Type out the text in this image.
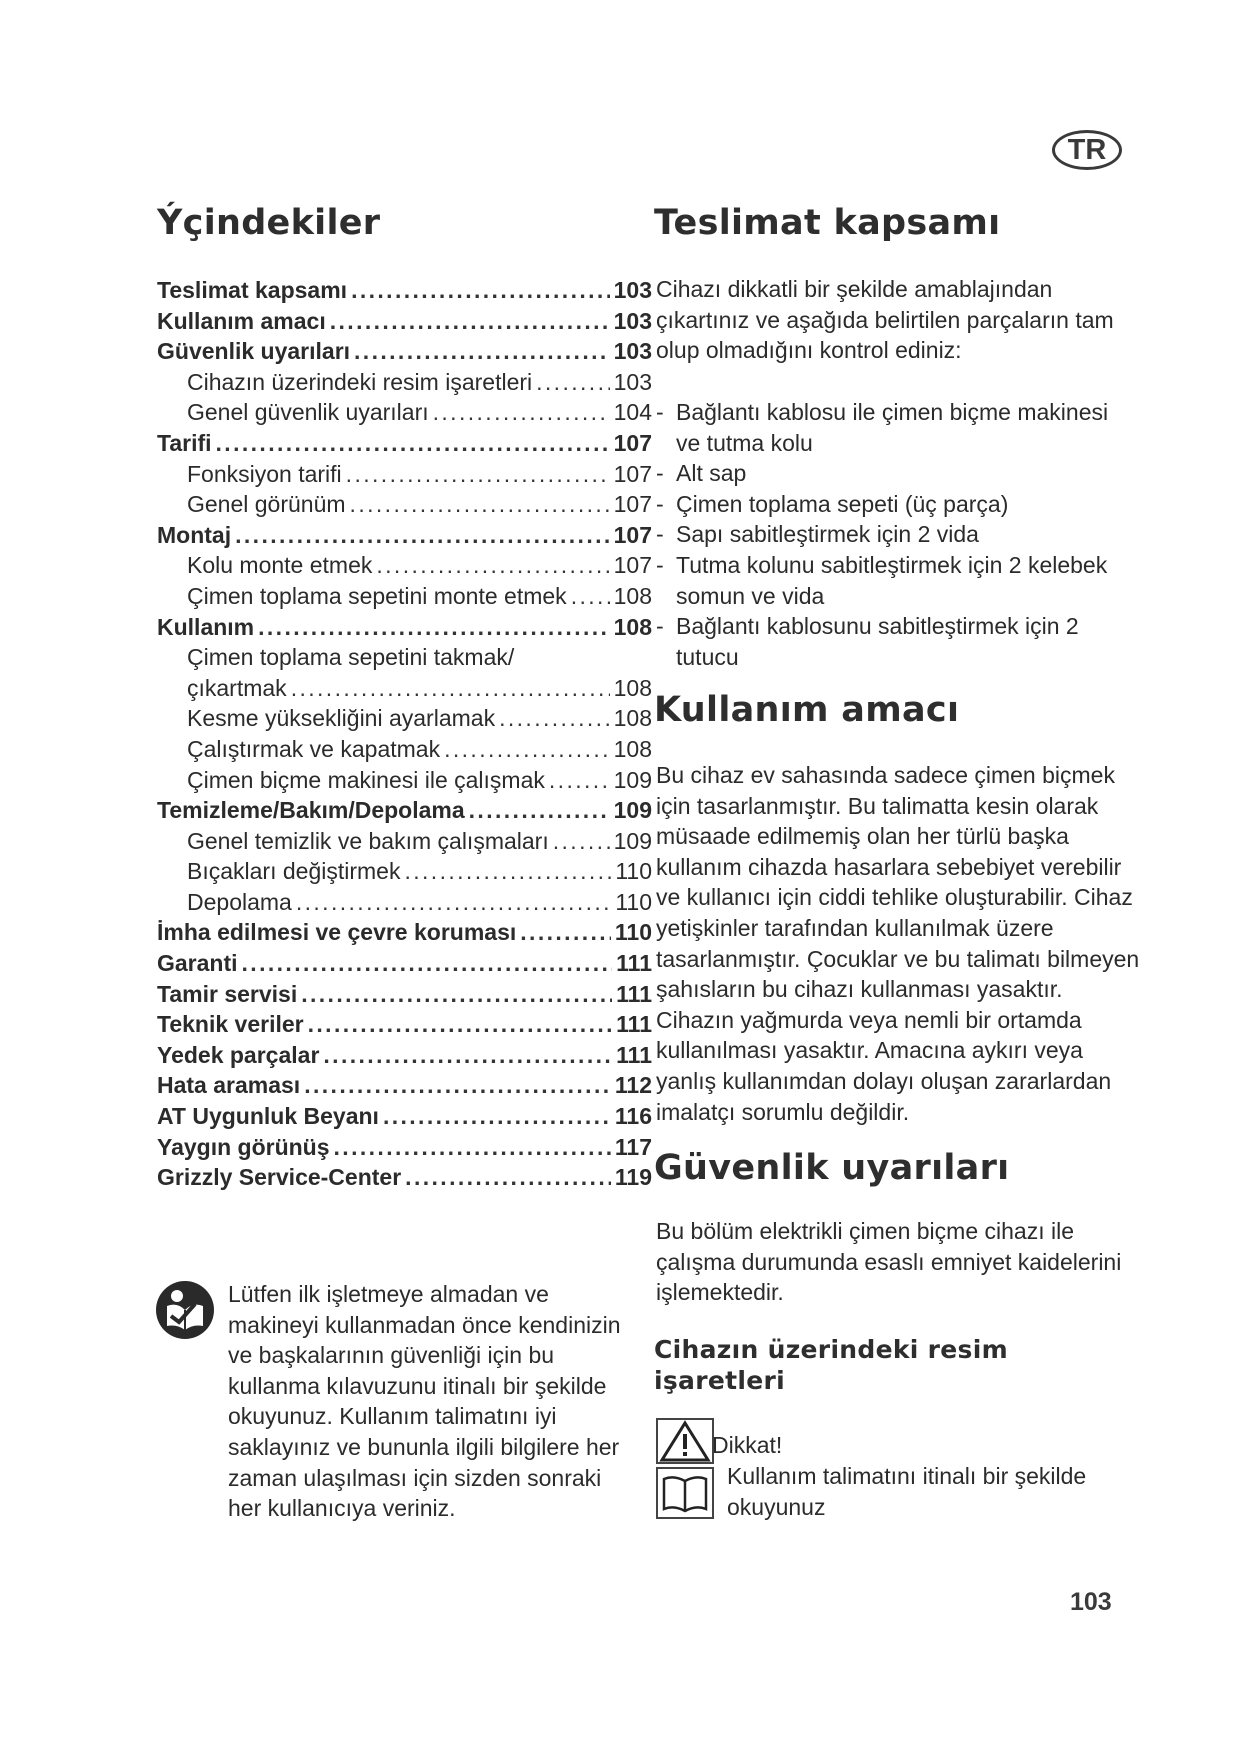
TR
Ýçindekiler
Teslimat kapsamı . . .	103
Kullanım amacı . . .	103
Güvenlik uyarıları . . .	103
Cihazın üzerindeki resim işaretleri . . .	103
Genel güvenlik uyarıları . . .	104
Tarifi . . .	107
Fonksiyon tarifi . . .	107
Genel görünüm . . .	107
Montaj . . .	107
Kolu monte etmek . . .	107
Çimen toplama sepetini monte etmek . . . 108
Kullanım . . .	108
Çimen toplama sepetini takmak/
çıkartmak . . .	108
Kesme yüksekliğini ayarlamak . . .	108
Çalıştırmak ve kapatmak . . .	108
Çimen biçme makinesi ile çalışmak . . .	109
Temizleme/Bakım/Depolama . . .	109
Genel temizlik ve bakım çalışmaları . . .	109
Bıçakları değiştirmek . . .	110
Depolama . . .	110
İmha edilmesi ve çevre koruması . . .	110
Garanti . . .	111
Tamir servisi . . .	111
Teknik veriler . . .	111
Yedek parçalar . . .	111
Hata araması . . .	112
AT Uygunluk Beyanı . . .	116
Yaygın görünüş . . .	117
Grizzly Service-Center . . .	119

Lütfen ilk işletmeye almadan ve makineyi kullanmadan önce kendinizin ve başkalarının güvenliği için bu kullanma kılavuzunu itinalı bir şekilde okuyunuz. Kullanım talimatını iyi saklayınız ve bununla ilgili bilgilere her zaman ulaşılması için sizden sonraki her kullanıcıya veriniz.

Teslimat kapsamı

Cihazı dikkatli bir şekilde amablajından çıkartınız ve aşağıda belirtilen parçaların tam olup olmadığını kontrol ediniz:

- Bağlantı kablosu ile çimen biçme makinesi ve tutma kolu
- Alt sap
- Çimen toplama sepeti (üç parça)
- Sapı sabitleştirmek için 2 vida
- Tutma kolunu sabitleştirmek için 2 kelebek somun ve vida
- Bağlantı kablosunu sabitleştirmek için 2 tutucu
Kullanım amacı

Bu cihaz ev sahasında sadece çimen biçmek için tasarlanmıştır. Bu talimatta kesin olarak müsaade edilmemiş olan her türlü başka kullanım cihazda hasarlara sebebiyet verebilir ve kullanıcı için ciddi tehlike oluşturabilir. Cihaz yetişkinler tarafından kullanılmak üzere tasarlanmıştır. Çocuklar ve bu talimatı bilmeyen şahısların bu cihazı kullanması yasaktır. Cihazın yağmurda veya nemli bir ortamda kullanılması yasaktır. Amacına aykırı veya yanlış kullanımdan dolayı oluşan zararlardan imalatçı sorumlu değildir.

Güvenlik uyarıları

Bu bölüm elektrikli çimen biçme cihazı ile çalışma durumunda esaslı emniyet kaidelerini işlemektedir.

Cihazın üzerindeki resim işaretleri
Dikkat!

Kullanım talimatını itinalı bir şekilde okuyunuz

103
